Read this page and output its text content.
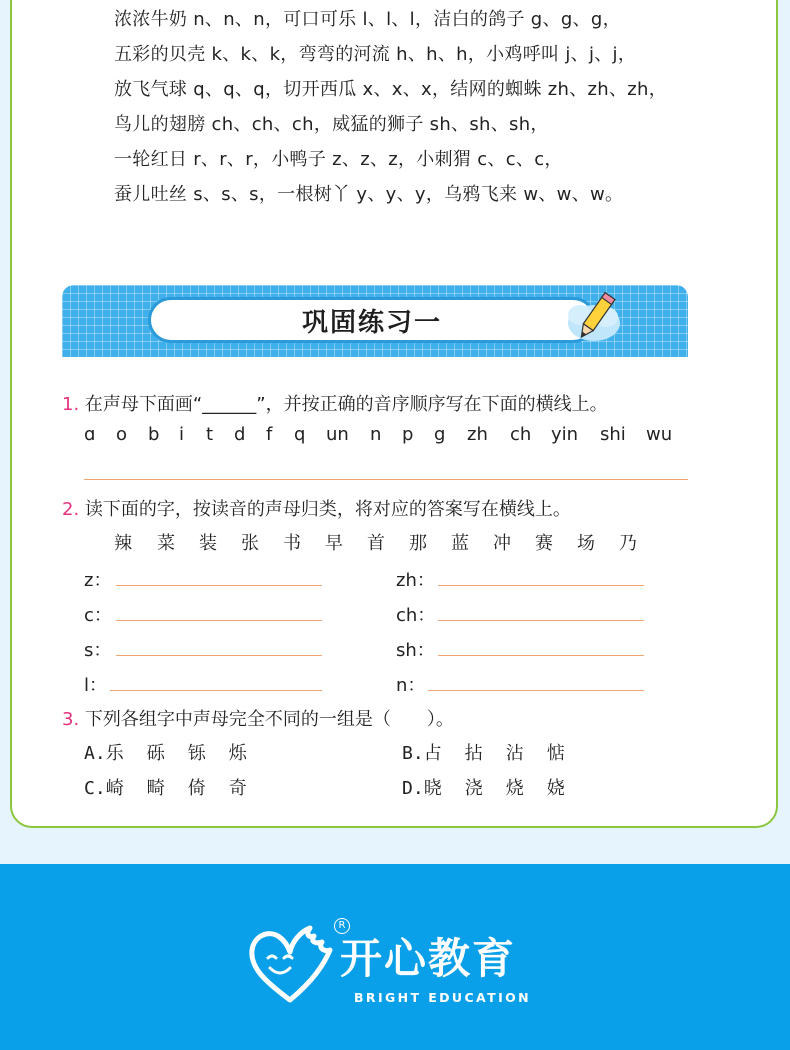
浓浓牛奶 n、n、n，可口可乐 l、l、l，洁白的鸽子 g、g、g，
五彩的贝壳 k、k、k，弯弯的河流 h、h、h，小鸡呼叫 j、j、j，
放飞气球 q、q、q，切开西瓜 x、x、x，结网的蜘蛛 zh、zh、zh，
鸟儿的翅膀 ch、ch、ch，威猛的狮子 sh、sh、sh，
一轮红日 r、r、r，小鸭子 z、z、z，小刺猬 c、c、c，
蚕儿吐丝 s、s、s，一根树丫 y、y、y，乌鸦飞来 w、w、w。
巩固练习一
1. 在声母下面画“______”，并按正确的音序顺序写在下面的横线上。
ɑ o b i t d f q un n p g zh ch yin shi wu
2. 读下面的字，按读音的声母归类，将对应的答案写在横线上。
辣 菜 装 张 书 早 首 那 蓝 冲 赛 场 乃
z：	zh：
c：	ch：
s：	sh：
l：	n：
3. 下列各组字中声母完全不同的一组是（　　）。
A.乐 砾 铄 烁	B.占 拈 沾 惦
C.崎 畸 倚 奇	D.晓 浇 烧 娆
R
开心教育
BRIGHT EDUCATION
